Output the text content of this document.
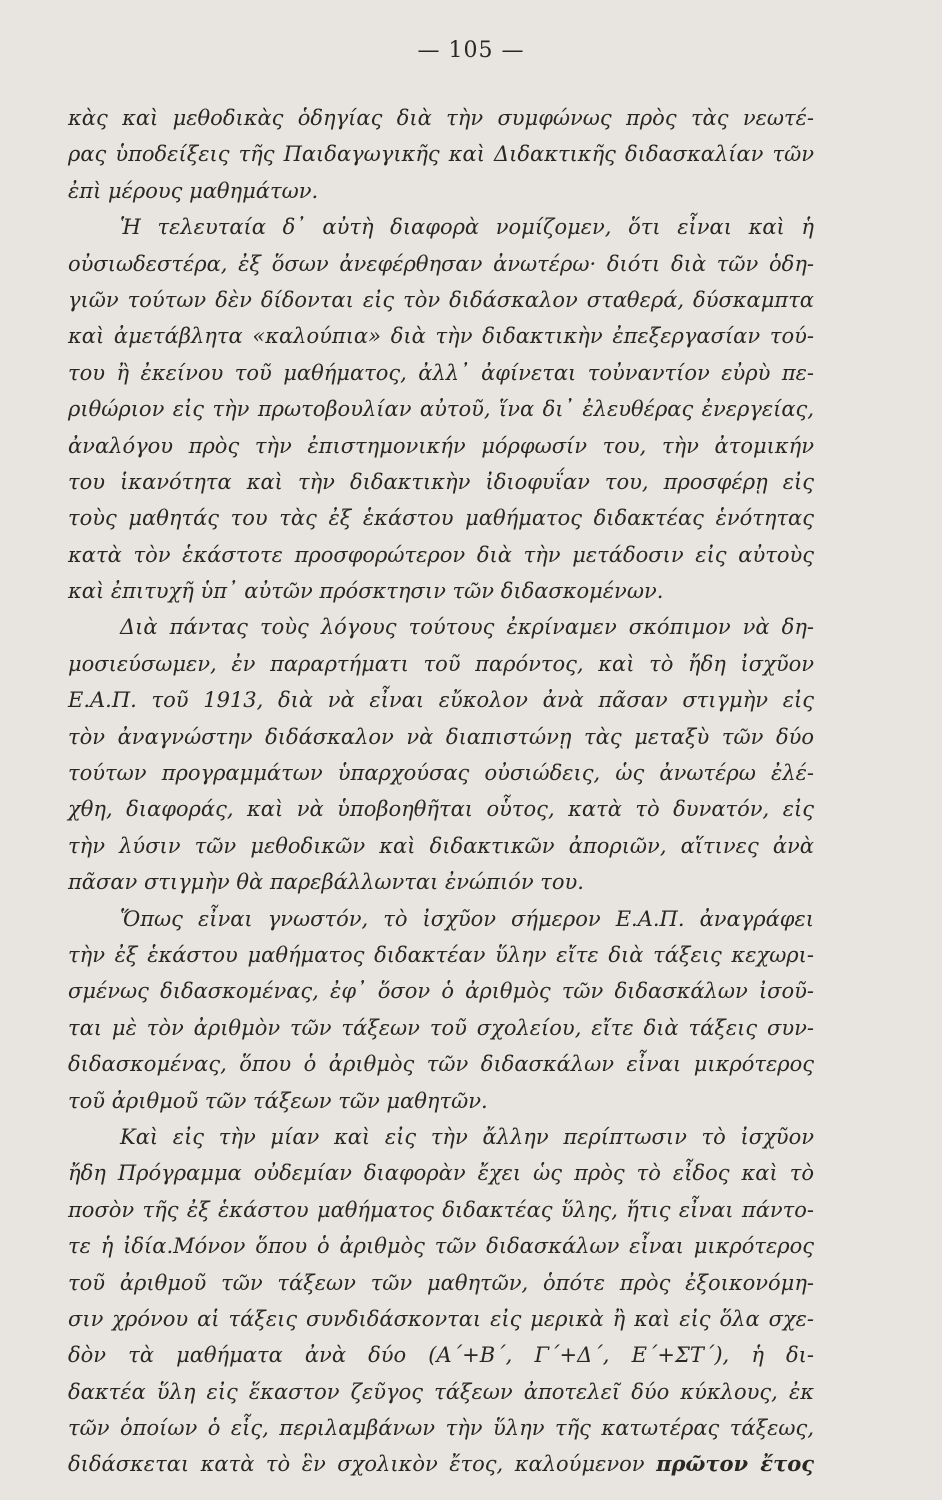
— 105 —
κὰς καὶ μεθοδικὰς ὁδηγίας διὰ τὴν συμφώνως πρὸς τὰς νεωτέ-
ρας ὑποδείξεις τῆς Παιδαγωγικῆς καὶ Διδακτικῆς διδασκαλίαν τῶν
ἐπὶ μέρους μαθημάτων.
Ἡ τελευταία δ᾽ αὐτὴ διαφορὰ νομίζομεν, ὅτι εἶναι καὶ ἡ
οὐσιωδεστέρα, ἐξ ὅσων ἀνεφέρθησαν ἀνωτέρω· διότι διὰ τῶν ὁδη-
γιῶν τούτων δὲν δίδονται εἰς τὸν διδάσκαλον σταθερά, δύσκαμπτα
καὶ ἀμετάβλητα «καλούπια» διὰ τὴν διδακτικὴν ἐπεξεργασίαν τού-
του ἢ ἐκείνου τοῦ μαθήματος, ἀλλ᾽ ἀφίνεται τοὐναντίον εὐρὺ πε-
ριθώριον εἰς τὴν πρωτοβουλίαν αὐτοῦ, ἵνα δι᾽ ἐλευθέρας ἐνεργείας,
ἀναλόγου πρὸς τὴν ἐπιστημονικήν μόρφωσίν του, τὴν ἀτομικήν
του ἱκανότητα καὶ τὴν διδακτικὴν ἰδιοφυΐαν του, προσφέρῃ εἰς
τοὺς μαθητάς του τὰς ἐξ ἑκάστου μαθήματος διδακτέας ἑνότητας
κατὰ τὸν ἑκάστοτε προσφορώτερον διὰ τὴν μετάδοσιν εἰς αὐτοὺς
καὶ ἐπιτυχῆ ὑπ᾽ αὐτῶν πρόσκτησιν τῶν διδασκομένων.
Διὰ πάντας τοὺς λόγους τούτους ἐκρίναμεν σκόπιμον νὰ δη-
μοσιεύσωμεν, ἐν παραρτήματι τοῦ παρόντος, καὶ τὸ ἤδη ἰσχῦον
Ε.Α.Π. τοῦ 1913, διὰ νὰ εἶναι εὔκολον ἀνὰ πᾶσαν στιγμὴν εἰς
τὸν ἀναγνώστην διδάσκαλον νὰ διαπιστώνῃ τὰς μεταξὺ τῶν δύο
τούτων προγραμμάτων ὑπαρχούσας οὐσιώδεις, ὡς ἀνωτέρω ἐλέ-
χθη, διαφοράς, καὶ νὰ ὑποβοηθῆται οὗτος, κατὰ τὸ δυνατόν, εἰς
τὴν λύσιν τῶν μεθοδικῶν καὶ διδακτικῶν ἀποριῶν, αἵτινες ἀνὰ
πᾶσαν στιγμὴν θὰ παρεβάλλωνται ἐνώπιόν του.
Ὅπως εἶναι γνωστόν, τὸ ἰσχῦον σήμερον Ε.Α.Π. ἀναγράφει
τὴν ἐξ ἑκάστου μαθήματος διδακτέαν ὕλην εἴτε διὰ τάξεις κεχωρι-
σμένως διδασκομένας, ἐφ᾽ ὅσον ὁ ἀριθμὸς τῶν διδασκάλων ἰσοῦ-
ται μὲ τὸν ἀριθμὸν τῶν τάξεων τοῦ σχολείου, εἴτε διὰ τάξεις συν-
διδασκομένας, ὅπου ὁ ἀριθμὸς τῶν διδασκάλων εἶναι μικρότερος
τοῦ ἀριθμοῦ τῶν τάξεων τῶν μαθητῶν.
Καὶ εἰς τὴν μίαν καὶ εἰς τὴν ἄλλην περίπτωσιν τὸ ἰσχῦον
ἤδη Πρόγραμμα οὐδεμίαν διαφορὰν ἔχει ὡς πρὸς τὸ εἶδος καὶ τὸ
ποσὸν τῆς ἐξ ἑκάστου μαθήματος διδακτέας ὕλης, ἥτις εἶναι πάντο-
τε ἡ ἰδία.Μόνον ὅπου ὁ ἀριθμὸς τῶν διδασκάλων εἶναι μικρότερος
τοῦ ἀριθμοῦ τῶν τάξεων τῶν μαθητῶν, ὁπότε πρὸς ἐξοικονόμη-
σιν χρόνου αἱ τάξεις συνδιδάσκονται εἰς μερικὰ ἢ καὶ εἰς ὅλα σχε-
δὸν τὰ μαθήματα ἀνὰ δύο (Α΄+Β΄, Γ΄+Δ΄, Ε΄+ΣΤ΄), ἡ δι-
δακτέα ὕλη εἰς ἕκαστον ζεῦγος τάξεων ἀποτελεῖ δύο κύκλους, ἐκ
τῶν ὁποίων ὁ εἷς, περιλαμβάνων τὴν ὕλην τῆς κατωτέρας τάξεως,
διδάσκεται κατὰ τὸ ἓν σχολικὸν ἔτος, καλούμενον πρῶτον ἔτος
